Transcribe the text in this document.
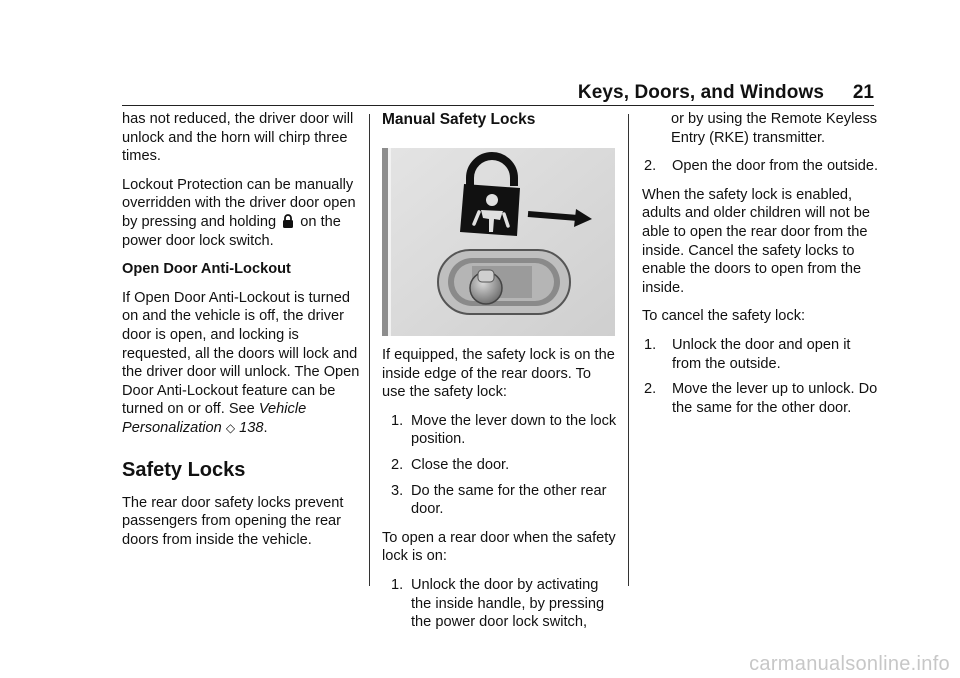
Keys, Doors, and Windows 21

has not reduced, the driver door will unlock and the horn will chirp three times.

Lockout Protection can be manually overridden with the driver door open by pressing and holding on the power door lock switch.

Open Door Anti-Lockout

If Open Door Anti-Lockout is turned on and the vehicle is off, the driver door is open, and locking is requested, all the doors will lock and the driver door will unlock. The Open Door Anti-Lockout feature can be turned on or off. See Vehicle Personalization ◇ 138.

Safety Locks

The rear door safety locks prevent passengers from opening the rear doors from inside the vehicle.

Manual Safety Locks

If equipped, the safety lock is on the inside edge of the rear doors. To use the safety lock:

1. Move the lever down to the lock position.
2. Close the door.
3. Do the same for the other rear door.

To open a rear door when the safety lock is on:

1. Unlock the door by activating the inside handle, by pressing the power door lock switch,

or by using the Remote Keyless Entry (RKE) transmitter.

2. Open the door from the outside.

When the safety lock is enabled, adults and older children will not be able to open the rear door from the inside. Cancel the safety locks to enable the doors to open from the inside.

To cancel the safety lock:

1. Unlock the door and open it from the outside.
2. Move the lever up to unlock. Do the same for the other door.
carmanualsonline.info
